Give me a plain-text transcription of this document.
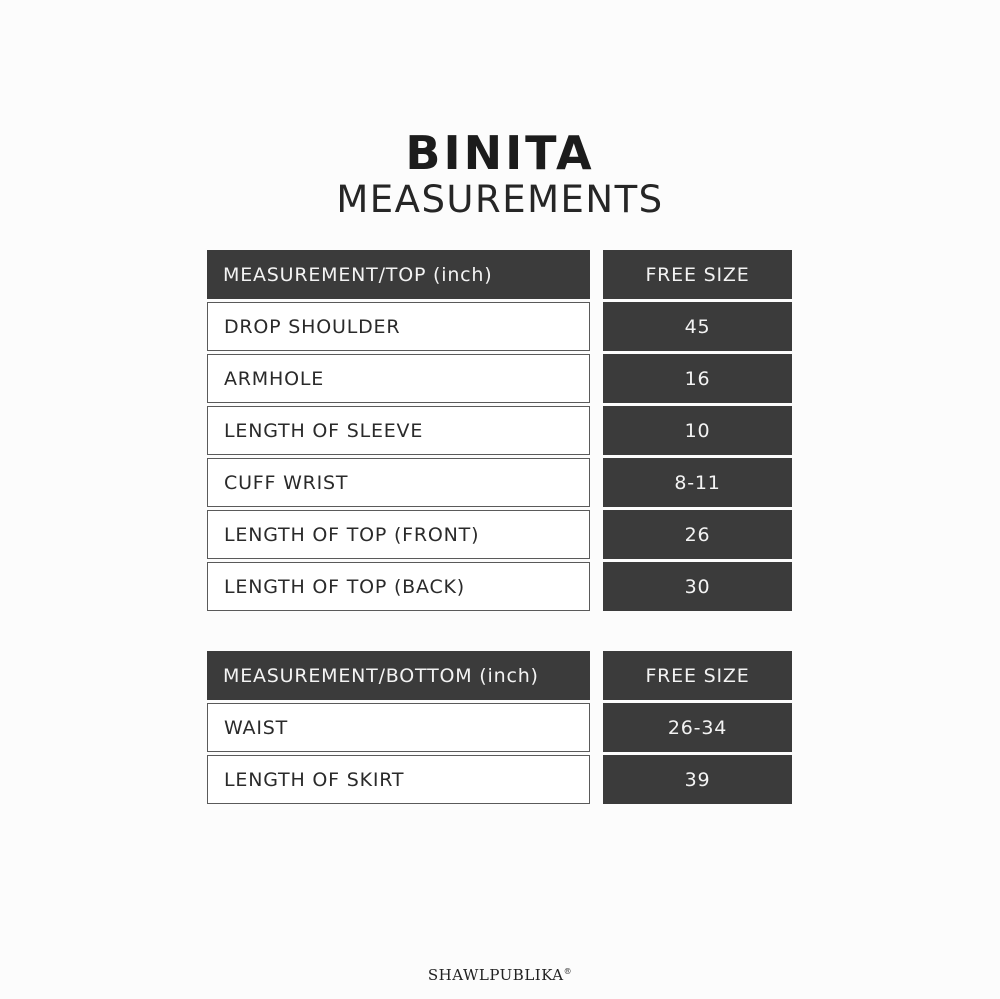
BINITA
MEASUREMENTS
MEASUREMENT/TOP (inch)	FREE SIZE
DROP SHOULDER	45
ARMHOLE	16
LENGTH OF SLEEVE	10
CUFF WRIST	8-11
LENGTH OF TOP (FRONT)	26
LENGTH OF TOP (BACK)	30
MEASUREMENT/BOTTOM (inch)	FREE SIZE
WAIST	26-34
LENGTH OF SKIRT	39
SHAWLPUBLIKA®
